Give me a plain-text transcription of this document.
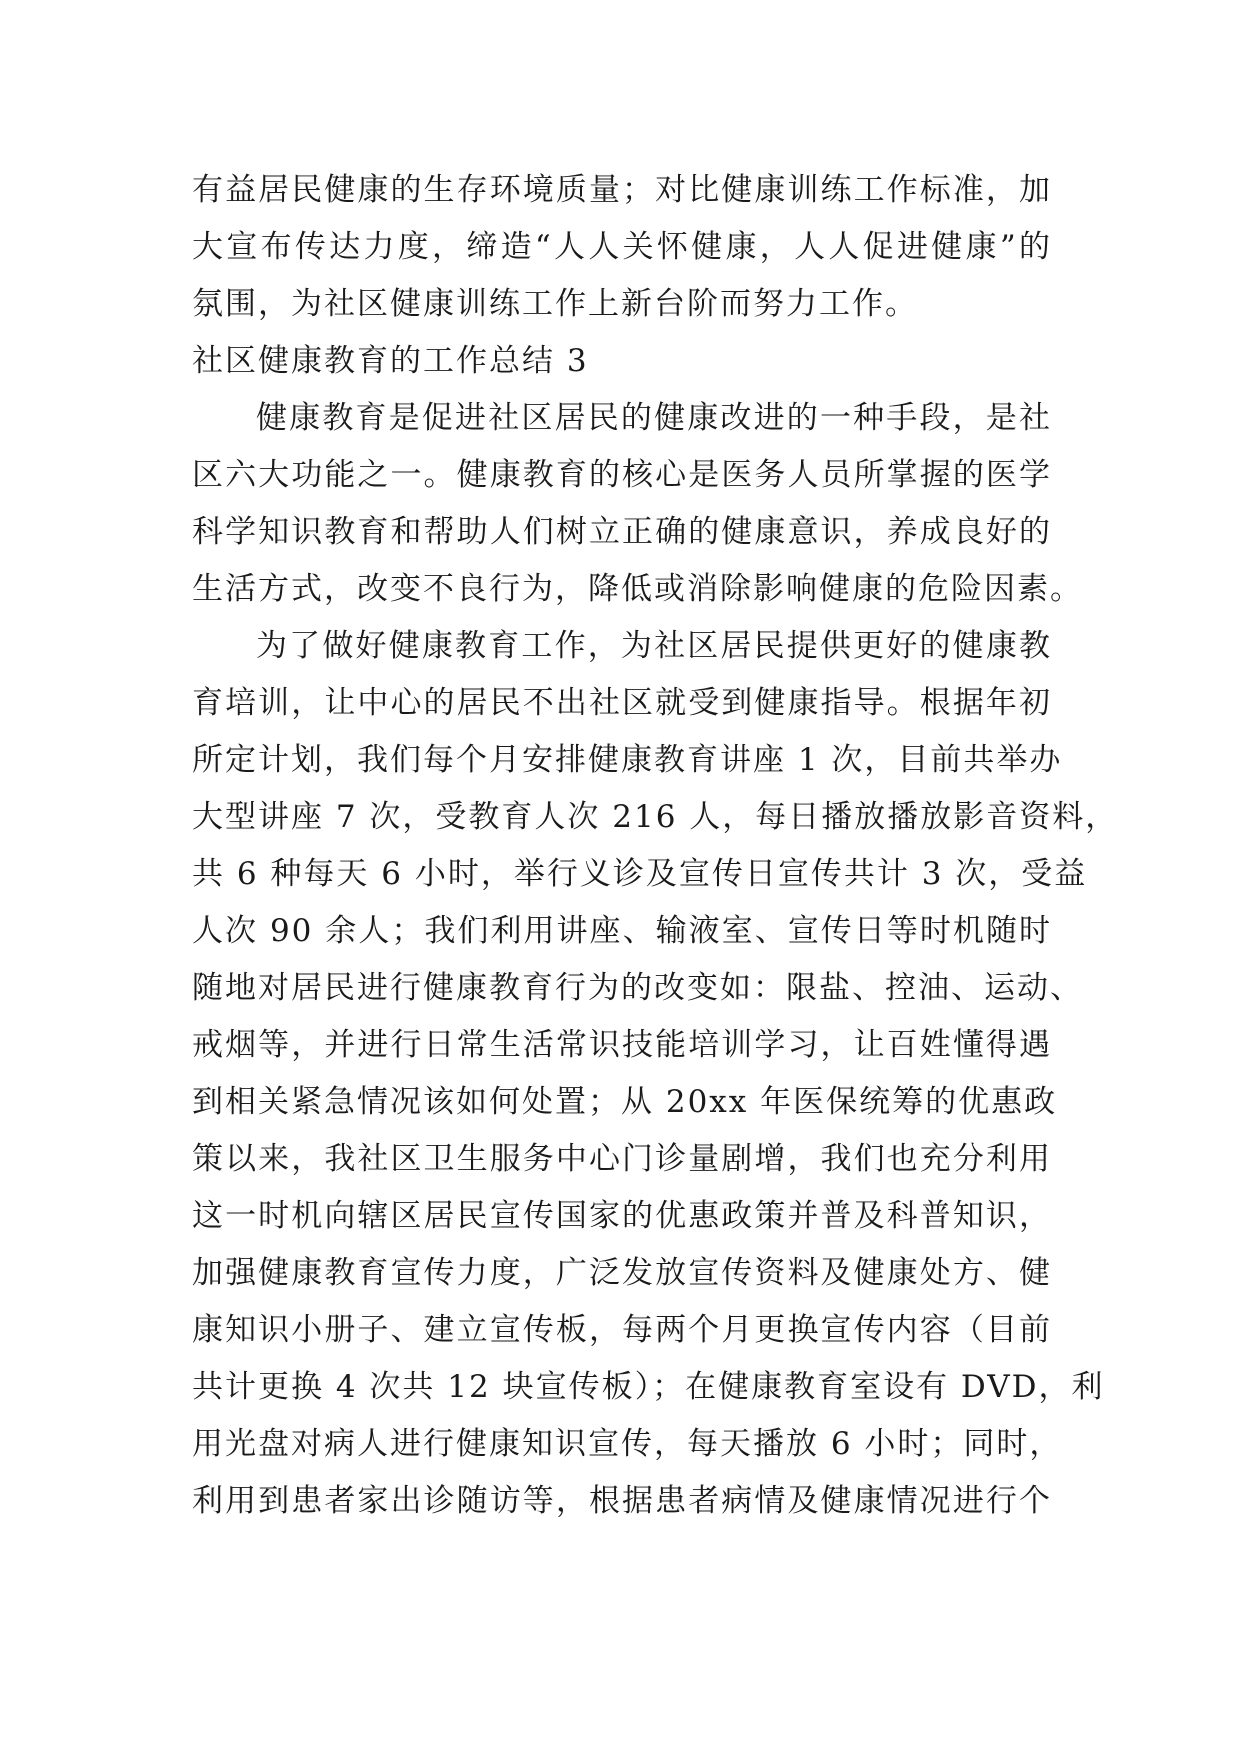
有益居民健康的生存环境质量；对比健康训练工作标准，加
大宣布传达力度，缔造“人人关怀健康，人人促进健康”的
氛围，为社区健康训练工作上新台阶而努力工作。
社区健康教育的工作总结 3
健康教育是促进社区居民的健康改进的一种手段，是社
区六大功能之一。健康教育的核心是医务人员所掌握的医学
科学知识教育和帮助人们树立正确的健康意识，养成良好的
生活方式，改变不良行为，降低或消除影响健康的危险因素。
为了做好健康教育工作，为社区居民提供更好的健康教
育培训，让中心的居民不出社区就受到健康指导。根据年初
所定计划，我们每个月安排健康教育讲座 1 次，目前共举办
大型讲座 7 次，受教育人次 216 人，每日播放播放影音资料，
共 6 种每天 6 小时，举行义诊及宣传日宣传共计 3 次，受益
人次 90 余人；我们利用讲座、输液室、宣传日等时机随时
随地对居民进行健康教育行为的改变如：限盐、控油、运动、
戒烟等，并进行日常生活常识技能培训学习，让百姓懂得遇
到相关紧急情况该如何处置；从 20xx 年医保统筹的优惠政
策以来，我社区卫生服务中心门诊量剧增，我们也充分利用
这一时机向辖区居民宣传国家的优惠政策并普及科普知识，
加强健康教育宣传力度，广泛发放宣传资料及健康处方、健
康知识小册子、建立宣传板，每两个月更换宣传内容（目前
共计更换 4 次共 12 块宣传板）；在健康教育室设有 DVD，利
用光盘对病人进行健康知识宣传，每天播放 6 小时；同时，
利用到患者家出诊随访等，根据患者病情及健康情况进行个
